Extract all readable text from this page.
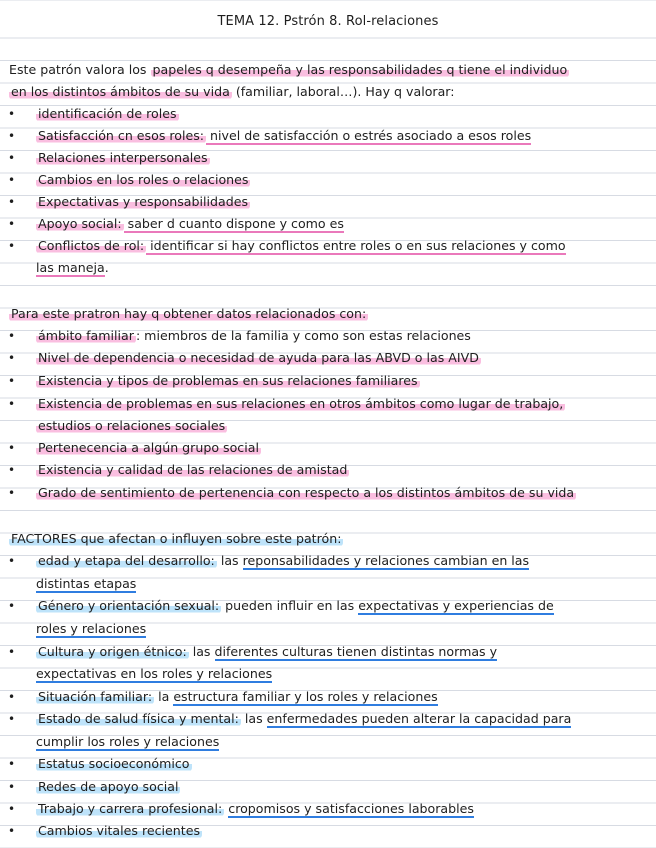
TEMA 12. Pstrón 8. Rol-relaciones
Este patrón valora los papeles q desempeña y las responsabilidades q tiene el individuo
en los distintos ámbitos de su vida (familiar, laboral…). Hay q valorar:
• identificación de roles
• Satisfacción cn esos roles: nivel de satisfacción o estrés asociado a esos roles
• Relaciones interpersonales
• Cambios en los roles o relaciones
• Expectativas y responsabilidades
• Apoyo social: saber d cuanto dispone y como es
• Conflictos de rol: identificar si hay conflictos entre roles o en sus relaciones y como
las maneja.
Para este pratron hay q obtener datos relacionados con:
• ámbito familiar : miembros de la familia y como son estas relaciones
• Nivel de dependencia o necesidad de ayuda para las ABVD o las AIVD
• Existencia y tipos de problemas en sus relaciones familiares
• Existencia de problemas en sus relaciones en otros ámbitos como lugar de trabajo,
estudios o relaciones sociales
• Pertenecencia a algún grupo social
• Existencia y calidad de las relaciones de amistad
• Grado de sentimiento de pertenencia con respecto a los distintos ámbitos de su vida
FACTORES que afectan o influyen sobre este patrón:
• edad y etapa del desarrollo: las reponsabilidades y relaciones cambian en las
distintas etapas
• Género y orientación sexual: pueden influir en las expectativas y experiencias de
roles y relaciones
• Cultura y origen étnico: las diferentes culturas tienen distintas normas y
expectativas en los roles y relaciones
• Situación familiar: la estructura familiar y los roles y relaciones
• Estado de salud física y mental: las enfermedades pueden alterar la capacidad para
cumplir los roles y relaciones
• Estatus socioeconómico
• Redes de apoyo social
• Trabajo y carrera profesional: cropomisos y satisfacciones laborables
• Cambios vitales recientes
